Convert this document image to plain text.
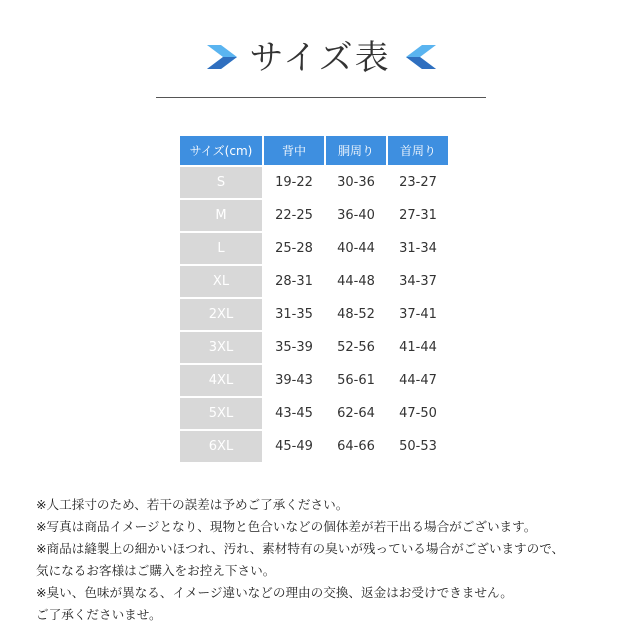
サイズ表
サイズ(cm)	背中	胴周り	首周り
S	19-22	30-36	23-27
M	22-25	36-40	27-31
L	25-28	40-44	31-34
XL	28-31	44-48	34-37
2XL	31-35	48-52	37-41
3XL	35-39	52-56	41-44
4XL	39-43	56-61	44-47
5XL	43-45	62-64	47-50
6XL	45-49	64-66	50-53
※人工採寸のため、若干の誤差は予めご了承ください。
※写真は商品イメージとなり、現物と色合いなどの個体差が若干出る場合がございます。
※商品は縫製上の細かいほつれ、汚れ、素材特有の臭いが残っている場合がございますので、
気になるお客様はご購入をお控え下さい。
※臭い、色味が異なる、イメージ違いなどの理由の交換、返金はお受けできません。
ご了承くださいませ。
